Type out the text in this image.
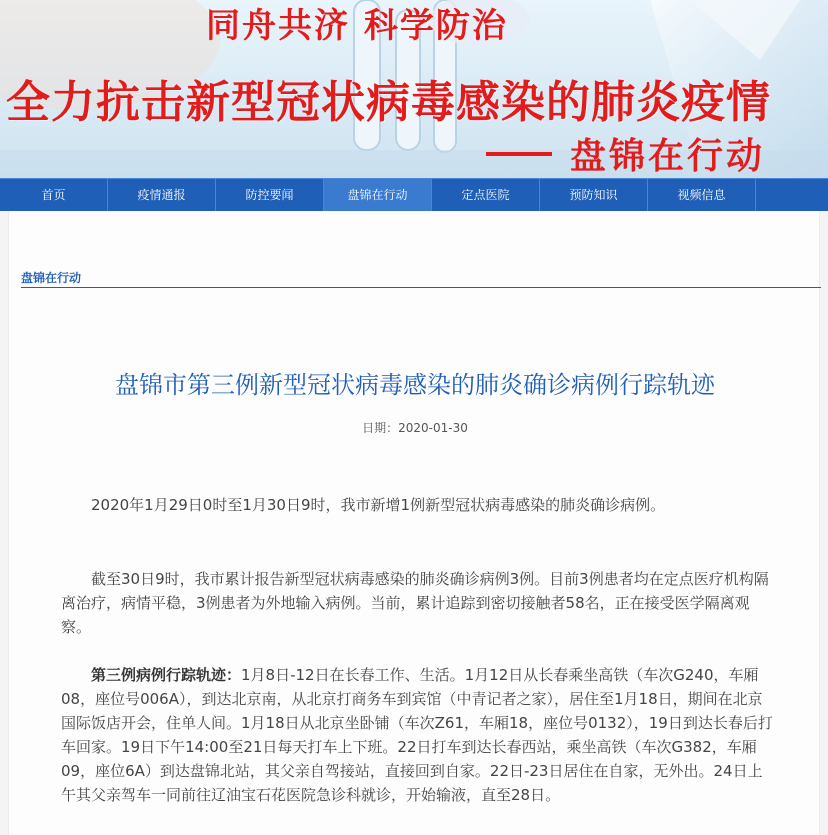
同舟共济 科学防治
全力抗击新型冠状病毒感染的肺炎疫情
盘锦在行动
首页	疫情通报	防控要闻	盘锦在行动	定点医院	预防知识	视频信息
盘锦在行动
盘锦市第三例新型冠状病毒感染的肺炎确诊病例行踪轨迹
日期：2020-01-30

2020年1月29日0时至1月30日9时，我市新增1例新型冠状病毒感染的肺炎确诊病例。

截至30日9时，我市累计报告新型冠状病毒感染的肺炎确诊病例3例。目前3例患者均在定点医疗机构隔离治疗，病情平稳，3例患者为外地输入病例。当前，累计追踪到密切接触者58名，正在接受医学隔离观察。

第三例病例行踪轨迹：1月8日-12日在长春工作、生活。1月12日从长春乘坐高铁（车次G240，车厢08，座位号006A），到达北京南，从北京打商务车到宾馆（中青记者之家），居住至1月18日，期间在北京国际饭店开会，住单人间。1月18日从北京坐卧铺（车次Z61，车厢18，座位号0132），19日到达长春后打车回家。19日下午14:00至21日每天打车上下班。22日打车到达长春西站，乘坐高铁（车次G382，车厢09，座位6A）到达盘锦北站，其父亲自驾接站，直接回到自家。22日-23日居住在自家，无外出。24日上午其父亲驾车一同前往辽油宝石花医院急诊科就诊，开始输液，直至28日。
